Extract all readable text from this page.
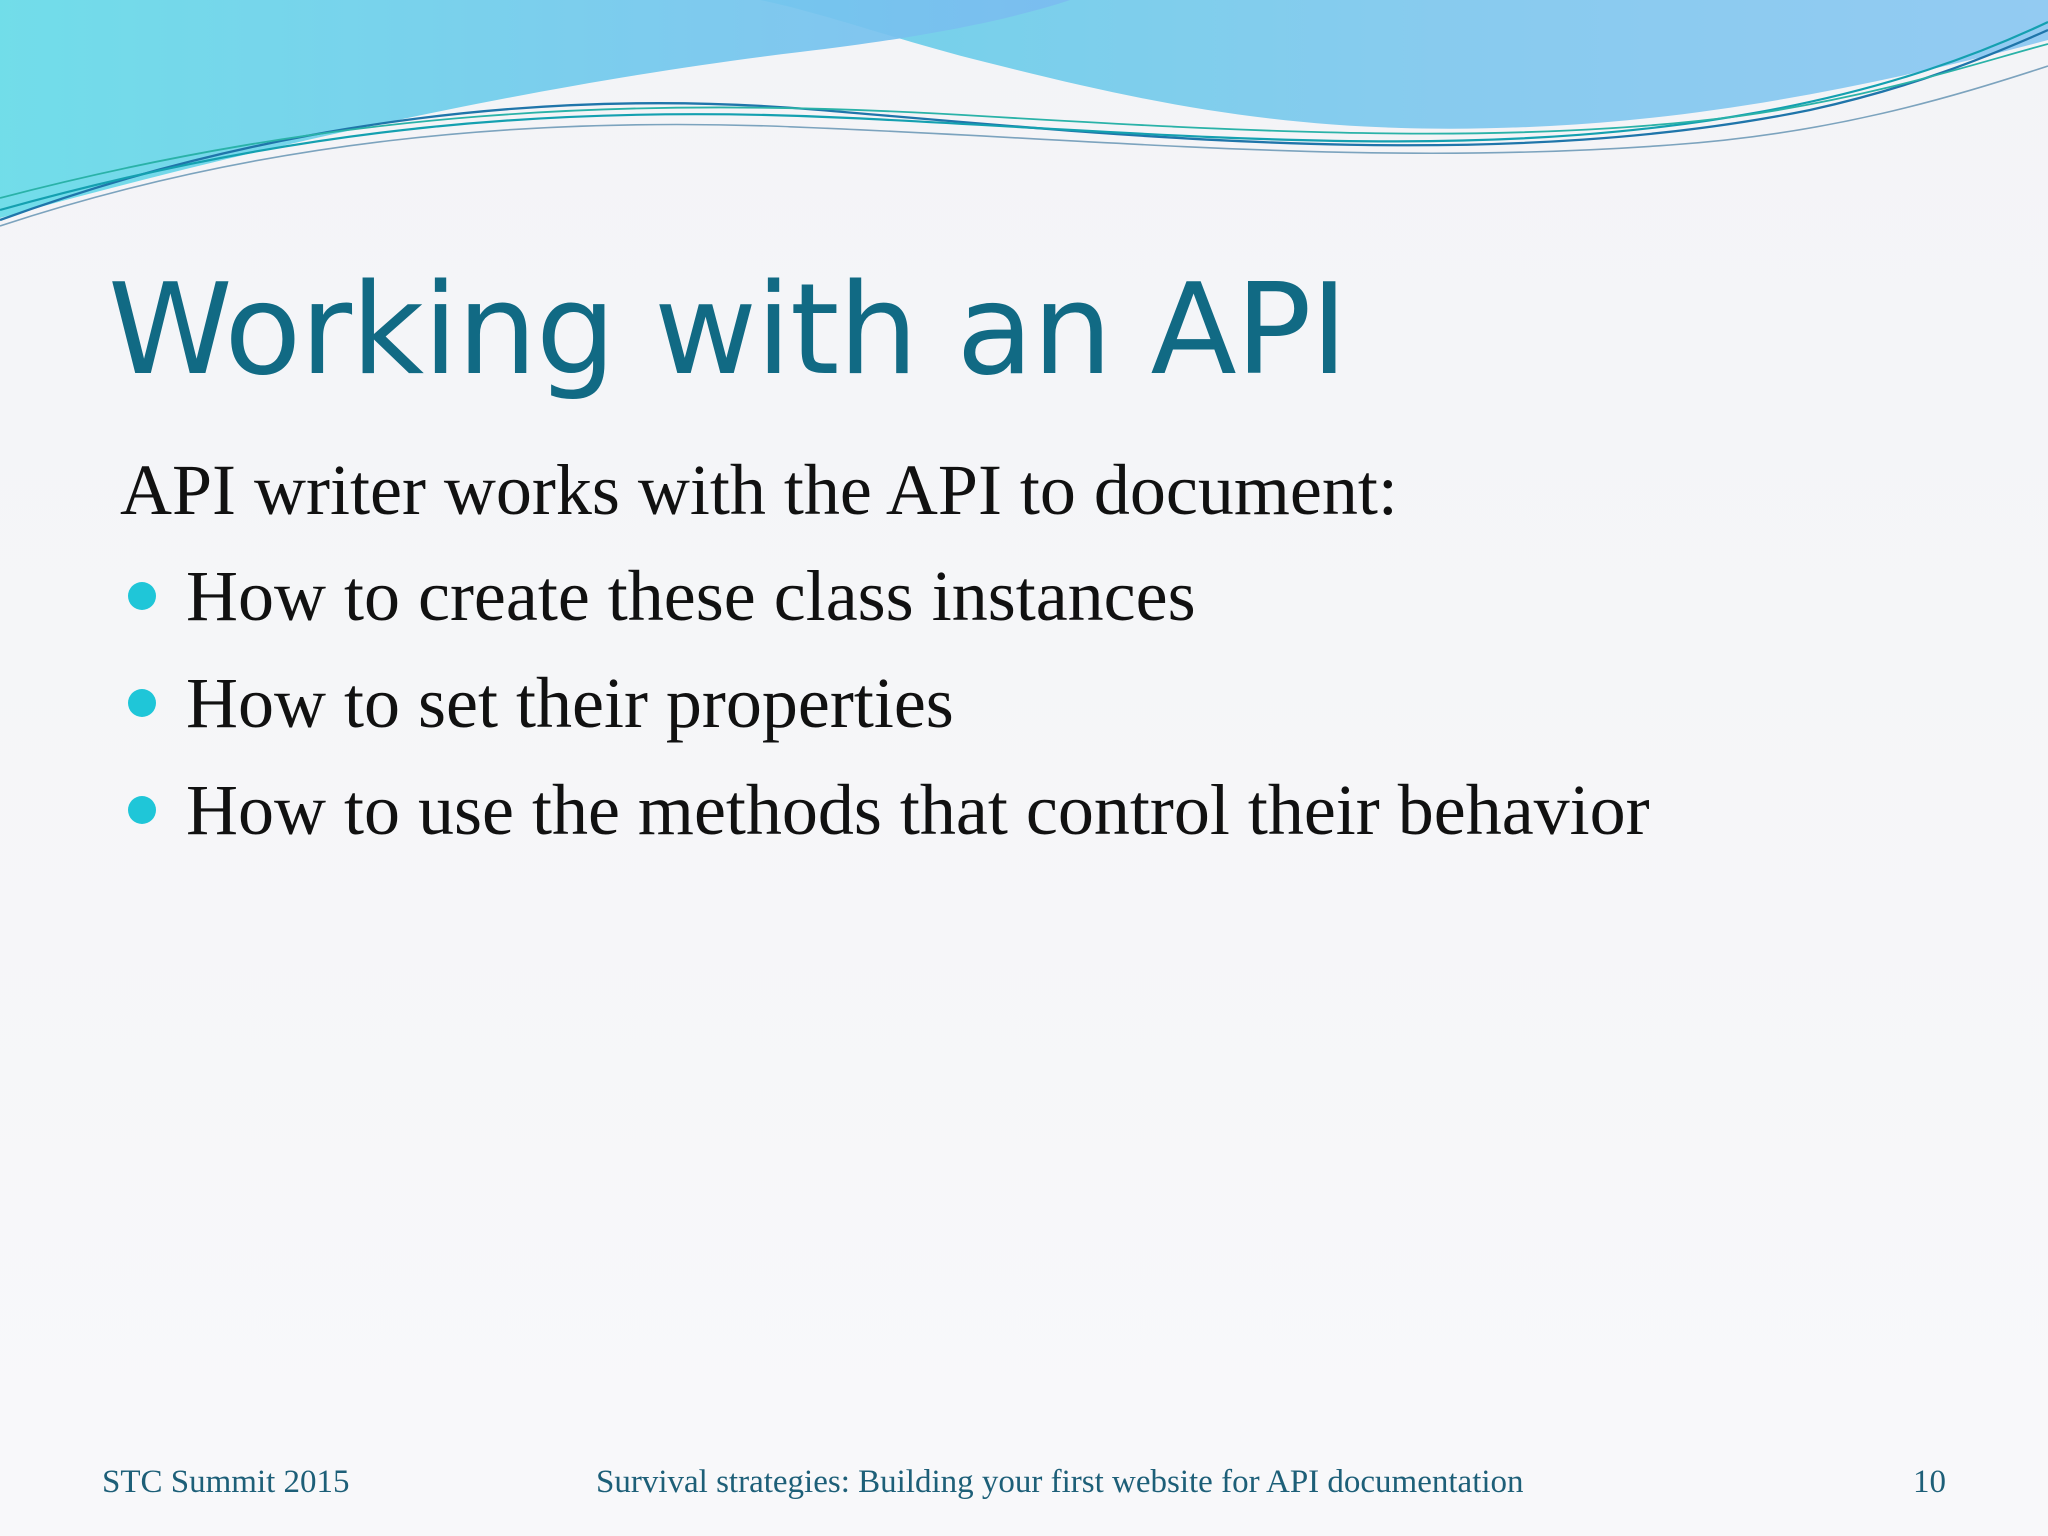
Working with an API
API writer works with the API to document:
How to create these class instances
How to set their properties
How to use the methods that control their behavior
STC Summit 2015	Survival strategies: Building your first website for API documentation	10
